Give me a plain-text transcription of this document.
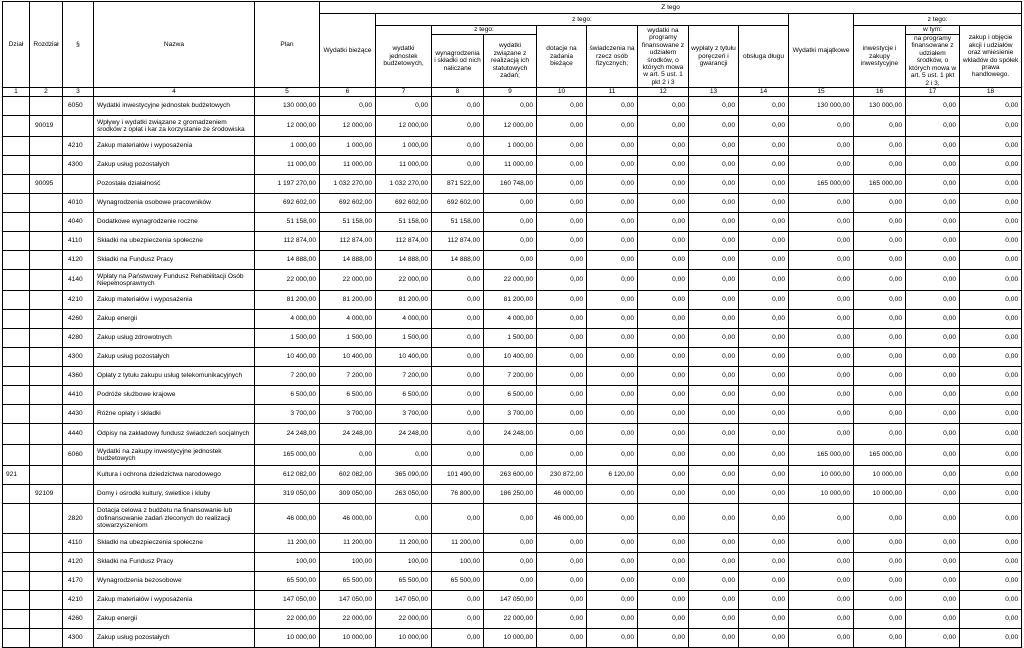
Dział	Rozdział	§	Nazwa	Plan	Z tego												
					Wydatki bieżące	z tego:								Wydatki majątkowe	z tego:		
						wydatki jednostek budżetowych,	z tego:		dotacje na zadania bieżące	świadczenia na rzecz osób fizycznych;	wydatki na programy finansowane z udziałem środków, o których mowa w art. 5 ust. 1 pkt 2 i 3	wypłaty z tytułu poręczeń i gwarancji	obsługa długu		inwestycje i zakupy inwestycyjne	w tym:	zakup i objęcie akcji i udziałów oraz wniesienie wkładów do spółek prawa handlowego.
							wynagrodzenia i składki od nich naliczane	wydatki związane z realizacją ich statutowych zadań;								na programy finansowane z udziałem środków, o których mowa w art. 5 ust. 1 pkt 2 i 3,	
1	2	3	4	5	6	7	8	9	10	11	12	13	14	15	16	17	18
		6050	Wydatki inwestycyjne jednostek budżetowych	130 000,00	0,00	0,00	0,00	0,00	0,00	0,00	0,00	0,00	0,00	130 000,00	130 000,00	0,00	0,00
	90019		Wpływy i wydatki związane z gromadzeniem środków z opłat i kar za korzystanie ze środowiska	12 000,00	12 000,00	12 000,00	0,00	12 000,00	0,00	0,00	0,00	0,00	0,00	0,00	0,00	0,00	0,00
		4210	Zakup materiałów i wyposażenia	1 000,00	1 000,00	1 000,00	0,00	1 000,00	0,00	0,00	0,00	0,00	0,00	0,00	0,00	0,00	0,00
		4300	Zakup usług pozostałych	11 000,00	11 000,00	11 000,00	0,00	11 000,00	0,00	0,00	0,00	0,00	0,00	0,00	0,00	0,00	0,00
	90095		Pozostała działalność	1 197 270,00	1 032 270,00	1 032 270,00	871 522,00	160 748,00	0,00	0,00	0,00	0,00	0,00	165 000,00	165 000,00	0,00	0,00
		4010	Wynagrodzenia osobowe pracowników	692 602,00	692 602,00	692 602,00	692 602,00	0,00	0,00	0,00	0,00	0,00	0,00	0,00	0,00	0,00	0,00
		4040	Dodatkowe wynagrodzenie roczne	51 158,00	51 158,00	51 158,00	51 158,00	0,00	0,00	0,00	0,00	0,00	0,00	0,00	0,00	0,00	0,00
		4110	Składki na ubezpieczenia społeczne	112 874,00	112 874,00	112 874,00	112 874,00	0,00	0,00	0,00	0,00	0,00	0,00	0,00	0,00	0,00	0,00
		4120	Składki na Fundusz Pracy	14 888,00	14 888,00	14 888,00	14 888,00	0,00	0,00	0,00	0,00	0,00	0,00	0,00	0,00	0,00	0,00
		4140	Wpłaty na Państwowy Fundusz Rehabilitacji Osób Niepełnosprawnych	22 000,00	22 000,00	22 000,00	0,00	22 000,00	0,00	0,00	0,00	0,00	0,00	0,00	0,00	0,00	0,00
		4210	Zakup materiałów i wyposażenia	81 200,00	81 200,00	81 200,00	0,00	81 200,00	0,00	0,00	0,00	0,00	0,00	0,00	0,00	0,00	0,00
		4260	Zakup energii	4 000,00	4 000,00	4 000,00	0,00	4 000,00	0,00	0,00	0,00	0,00	0,00	0,00	0,00	0,00	0,00
		4280	Zakup usług zdrowotnych	1 500,00	1 500,00	1 500,00	0,00	1 500,00	0,00	0,00	0,00	0,00	0,00	0,00	0,00	0,00	0,00
		4300	Zakup usług pozostałych	10 400,00	10 400,00	10 400,00	0,00	10 400,00	0,00	0,00	0,00	0,00	0,00	0,00	0,00	0,00	0,00
		4360	Opłaty z tytułu zakupu usług telekomunikacyjnych	7 200,00	7 200,00	7 200,00	0,00	7 200,00	0,00	0,00	0,00	0,00	0,00	0,00	0,00	0,00	0,00
		4410	Podróże służbowe krajowe	6 500,00	6 500,00	6 500,00	0,00	6 500,00	0,00	0,00	0,00	0,00	0,00	0,00	0,00	0,00	0,00
		4430	Różne opłaty i składki	3 700,00	3 700,00	3 700,00	0,00	3 700,00	0,00	0,00	0,00	0,00	0,00	0,00	0,00	0,00	0,00
		4440	Odpisy na zakładowy fundusz świadczeń socjalnych	24 248,00	24 248,00	24 248,00	0,00	24 248,00	0,00	0,00	0,00	0,00	0,00	0,00	0,00	0,00	0,00
		6060	Wydatki na zakupy inwestycyjne jednostek budżetowych	165 000,00	0,00	0,00	0,00	0,00	0,00	0,00	0,00	0,00	0,00	165 000,00	165 000,00	0,00	0,00
921			Kultura i ochrona dziedzictwa narodowego	612 082,00	602 082,00	365 090,00	101 490,00	263 600,00	230 872,00	6 120,00	0,00	0,00	0,00	10 000,00	10 000,00	0,00	0,00
	92109		Domy i ośrodki kultury, świetlice i kluby	319 050,00	309 050,00	263 050,00	76 800,00	186 250,00	46 000,00	0,00	0,00	0,00	0,00	10 000,00	10 000,00	0,00	0,00
		2820	Dotacja celowa z budżetu na finansowanie lub dofinansowanie zadań zleconych do realizacji stowarzyszeniom	46 000,00	46 000,00	0,00	0,00	0,00	46 000,00	0,00	0,00	0,00	0,00	0,00	0,00	0,00	0,00
		4110	Składki na ubezpieczenia społeczne	11 200,00	11 200,00	11 200,00	11 200,00	0,00	0,00	0,00	0,00	0,00	0,00	0,00	0,00	0,00	0,00
		4120	Składki na Fundusz Pracy	100,00	100,00	100,00	100,00	0,00	0,00	0,00	0,00	0,00	0,00	0,00	0,00	0,00	0,00
		4170	Wynagrodzenia bezosobowe	65 500,00	65 500,00	65 500,00	65 500,00	0,00	0,00	0,00	0,00	0,00	0,00	0,00	0,00	0,00	0,00
		4210	Zakup materiałów i wyposażenia	147 050,00	147 050,00	147 050,00	0,00	147 050,00	0,00	0,00	0,00	0,00	0,00	0,00	0,00	0,00	0,00
		4260	Zakup energii	22 000,00	22 000,00	22 000,00	0,00	22 000,00	0,00	0,00	0,00	0,00	0,00	0,00	0,00	0,00	0,00
		4300	Zakup usług pozostałych	10 000,00	10 000,00	10 000,00	0,00	10 000,00	0,00	0,00	0,00	0,00	0,00	0,00	0,00	0,00	0,00
